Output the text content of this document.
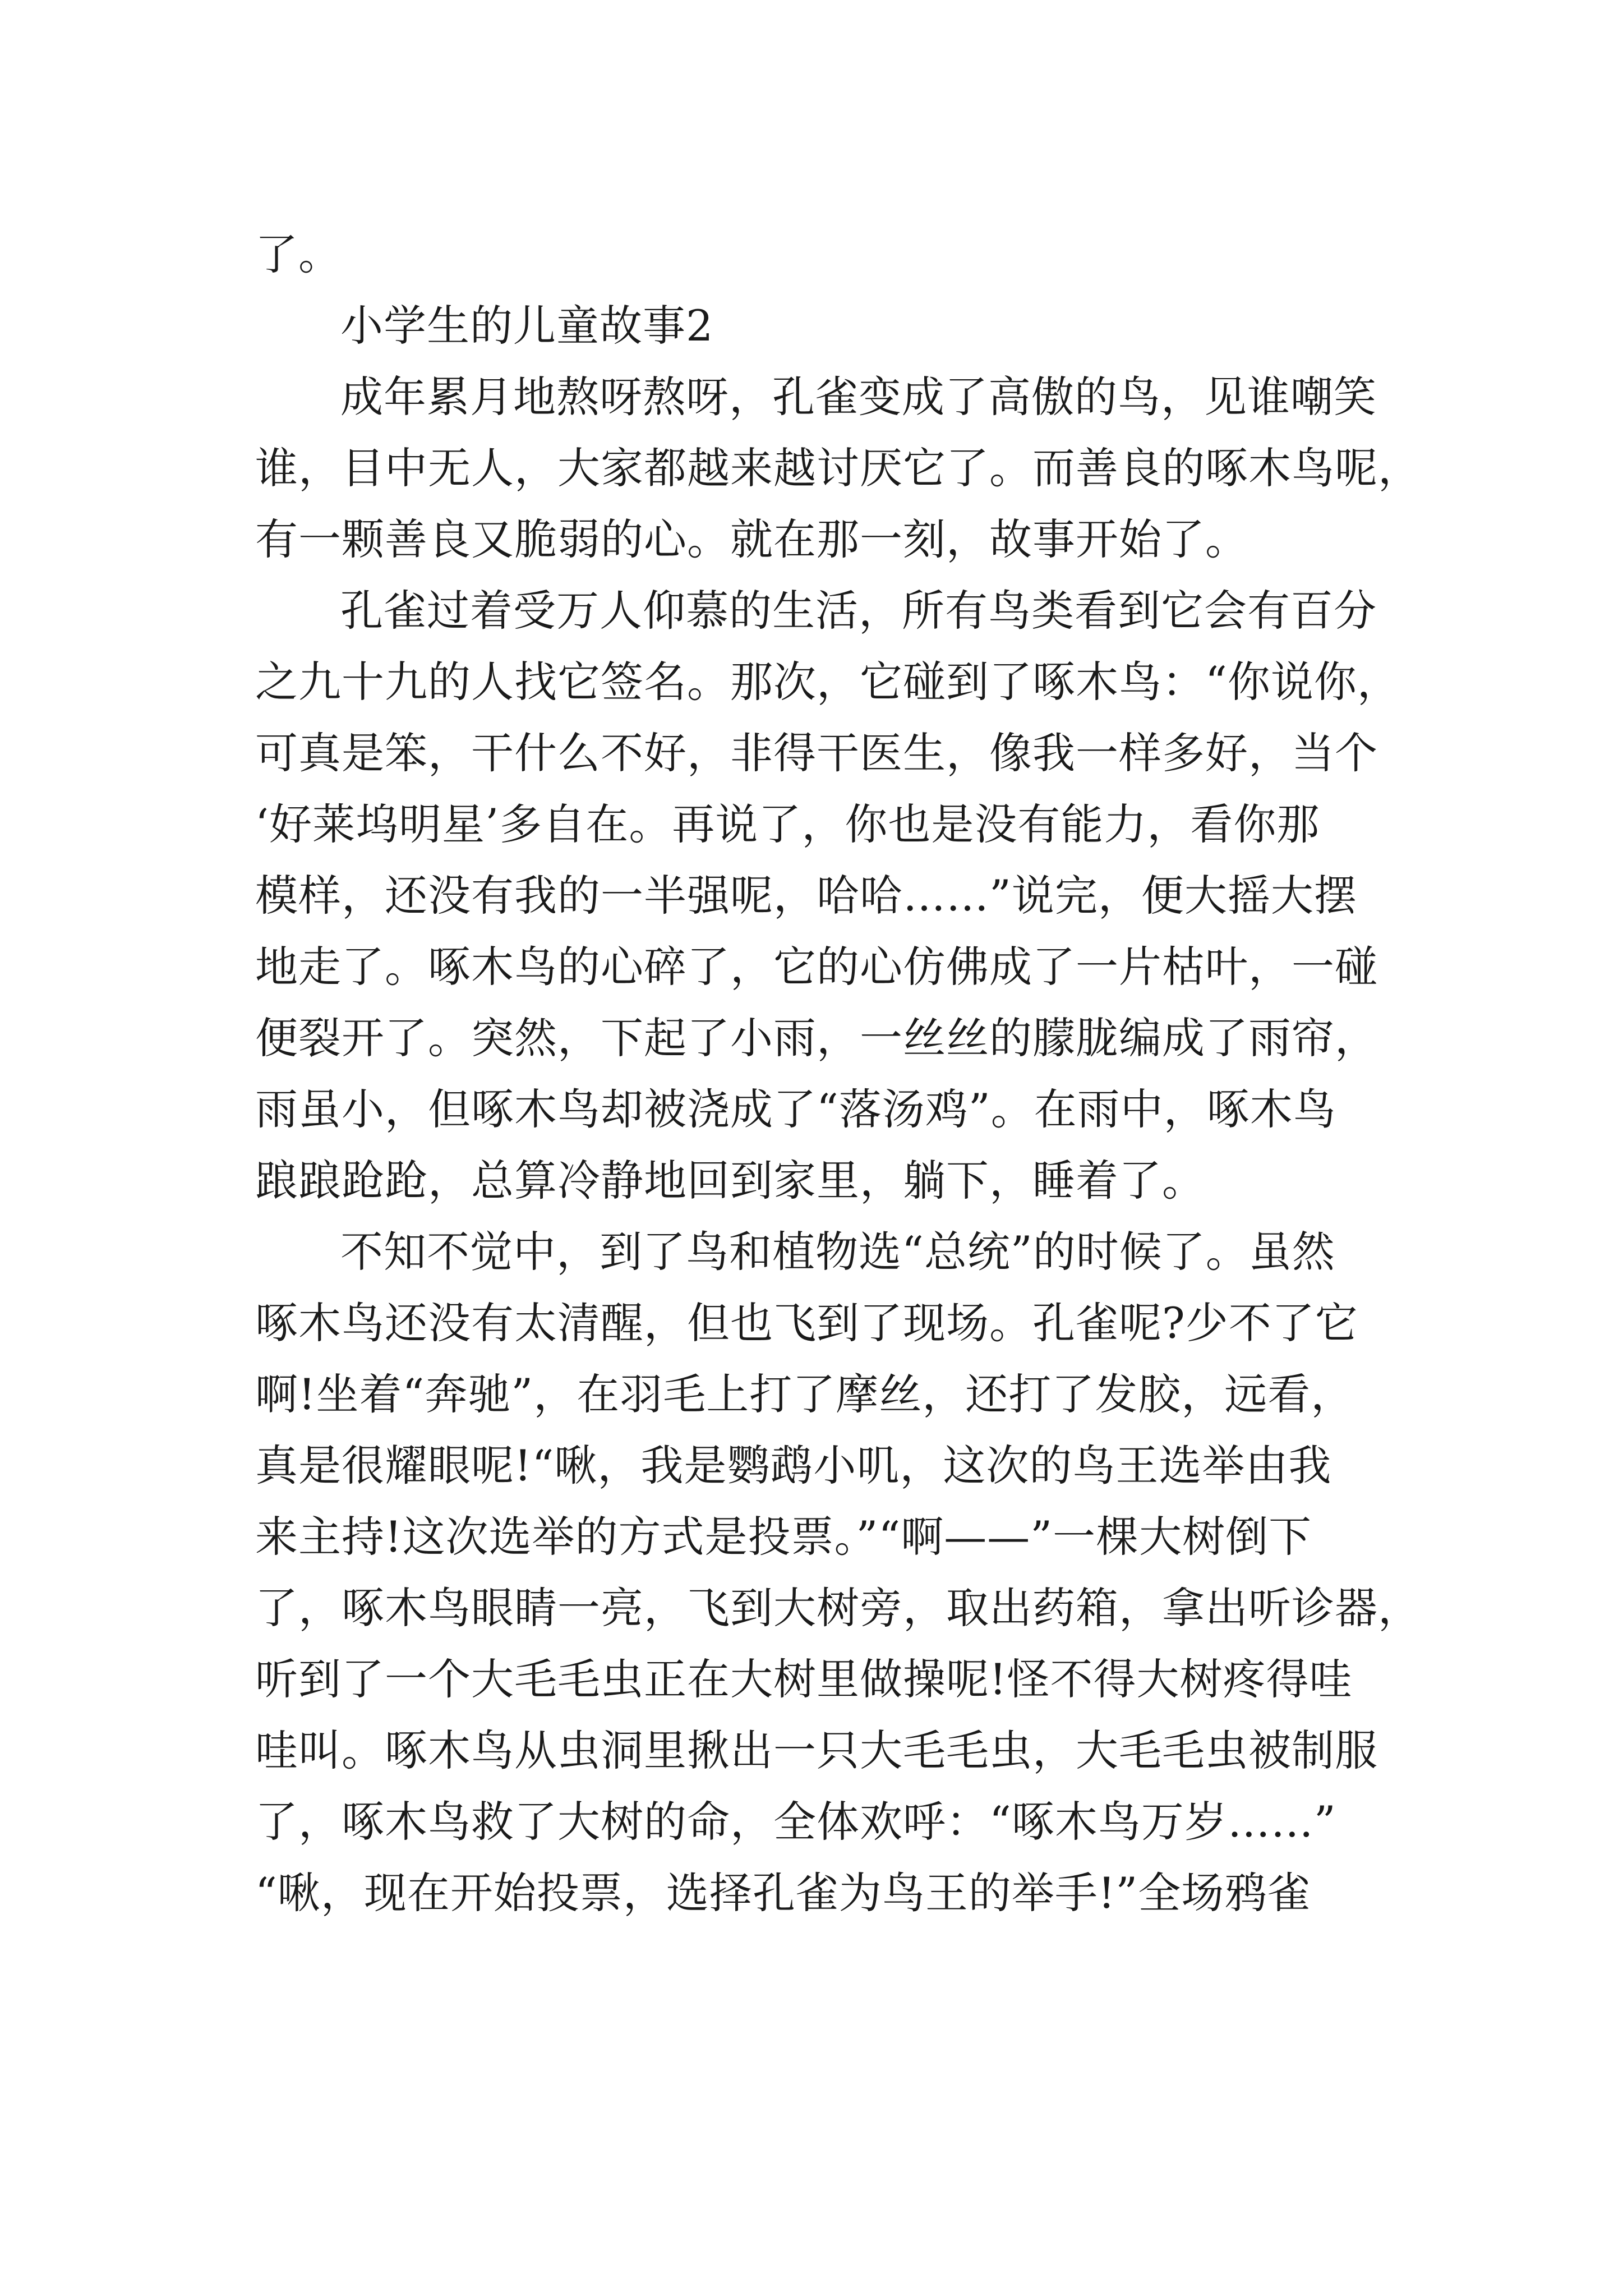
了。
小学生的儿童故事2
成年累月地熬呀熬呀，孔雀变成了高傲的鸟，见谁嘲笑
谁，目中无人，大家都越来越讨厌它了。而善良的啄木鸟呢，
有一颗善良又脆弱的心。就在那一刻，故事开始了。
孔雀过着受万人仰慕的生活，所有鸟类看到它会有百分
之九十九的人找它签名。那次，它碰到了啄木鸟：“你说你，
可真是笨，干什么不好，非得干医生，像我一样多好，当个
‘好莱坞明星’多自在。再说了，你也是没有能力，看你那
模样，还没有我的一半强呢，哈哈……”说完，便大摇大摆
地走了。啄木鸟的心碎了，它的心仿佛成了一片枯叶，一碰
便裂开了。突然，下起了小雨，一丝丝的朦胧编成了雨帘，
雨虽小，但啄木鸟却被浇成了“落汤鸡”。在雨中，啄木鸟
踉踉跄跄，总算冷静地回到家里，躺下，睡着了。
不知不觉中，到了鸟和植物选“总统”的时候了。虽然
啄木鸟还没有太清醒，但也飞到了现场。孔雀呢?少不了它
啊!坐着“奔驰”，在羽毛上打了摩丝，还打了发胶，远看，
真是很耀眼呢!“啾，我是鹦鹉小叽，这次的鸟王选举由我
来主持!这次选举的方式是投票。”“啊——”一棵大树倒下
了，啄木鸟眼睛一亮，飞到大树旁，取出药箱，拿出听诊器，
听到了一个大毛毛虫正在大树里做操呢!怪不得大树疼得哇
哇叫。啄木鸟从虫洞里揪出一只大毛毛虫，大毛毛虫被制服
了，啄木鸟救了大树的命，全体欢呼：“啄木鸟万岁……”
“啾，现在开始投票，选择孔雀为鸟王的举手!”全场鸦雀
